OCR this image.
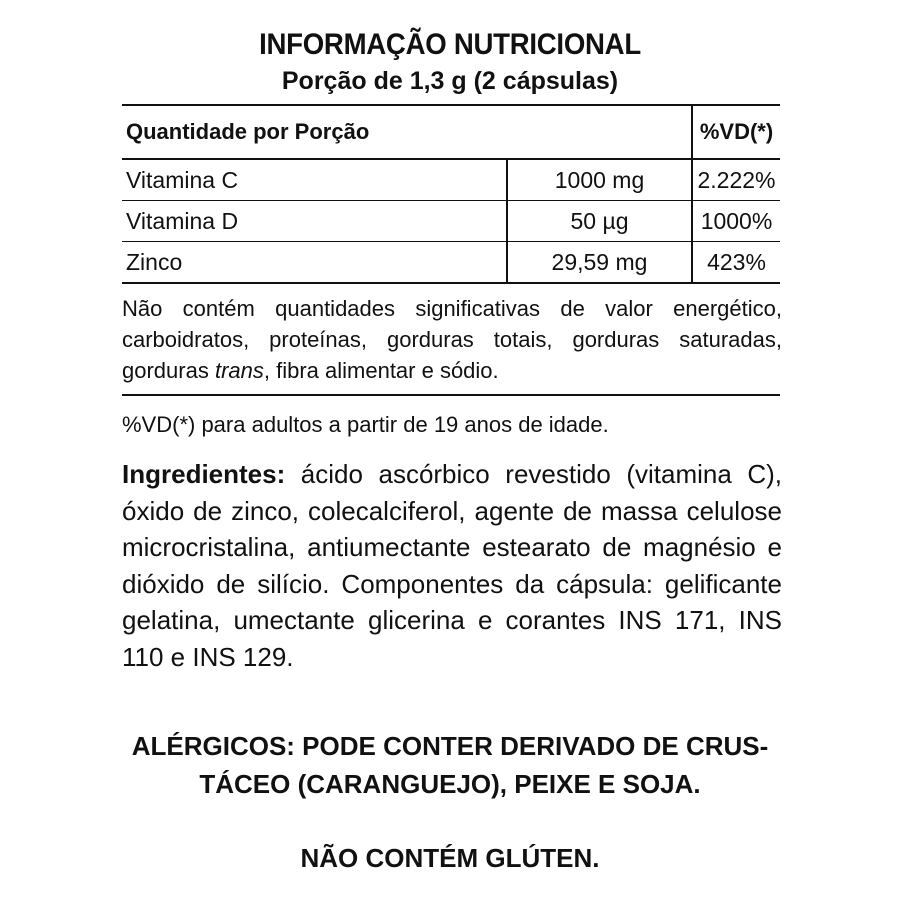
INFORMAÇÃO NUTRICIONAL
Porção de 1,3 g (2 cápsulas)
Quantidade por Porção	%VD(*)
Vitamina C	1000 mg	2.222%
Vitamina D	50 µg	1000%
Zinco	29,59 mg	423%
Não contém quantidades significativas de valor energético, carboidratos, proteínas, gorduras totais, gorduras saturadas, gorduras trans, fibra alimentar e sódio.
%VD(*) para adultos a partir de 19 anos de idade.
Ingredientes: ácido ascórbico revestido (vitamina C), óxido de zinco, colecalciferol, agente de massa celulose microcristalina, antiumectante estearato de magnésio e dióxido de silício. Componentes da cápsula: gelificante gelatina, umectante glicerina e corantes INS 171, INS 110 e INS 129.
ALÉRGICOS: PODE CONTER DERIVADO DE CRUS-
TÁCEO (CARANGUEJO), PEIXE E SOJA.
NÃO CONTÉM GLÚTEN.
